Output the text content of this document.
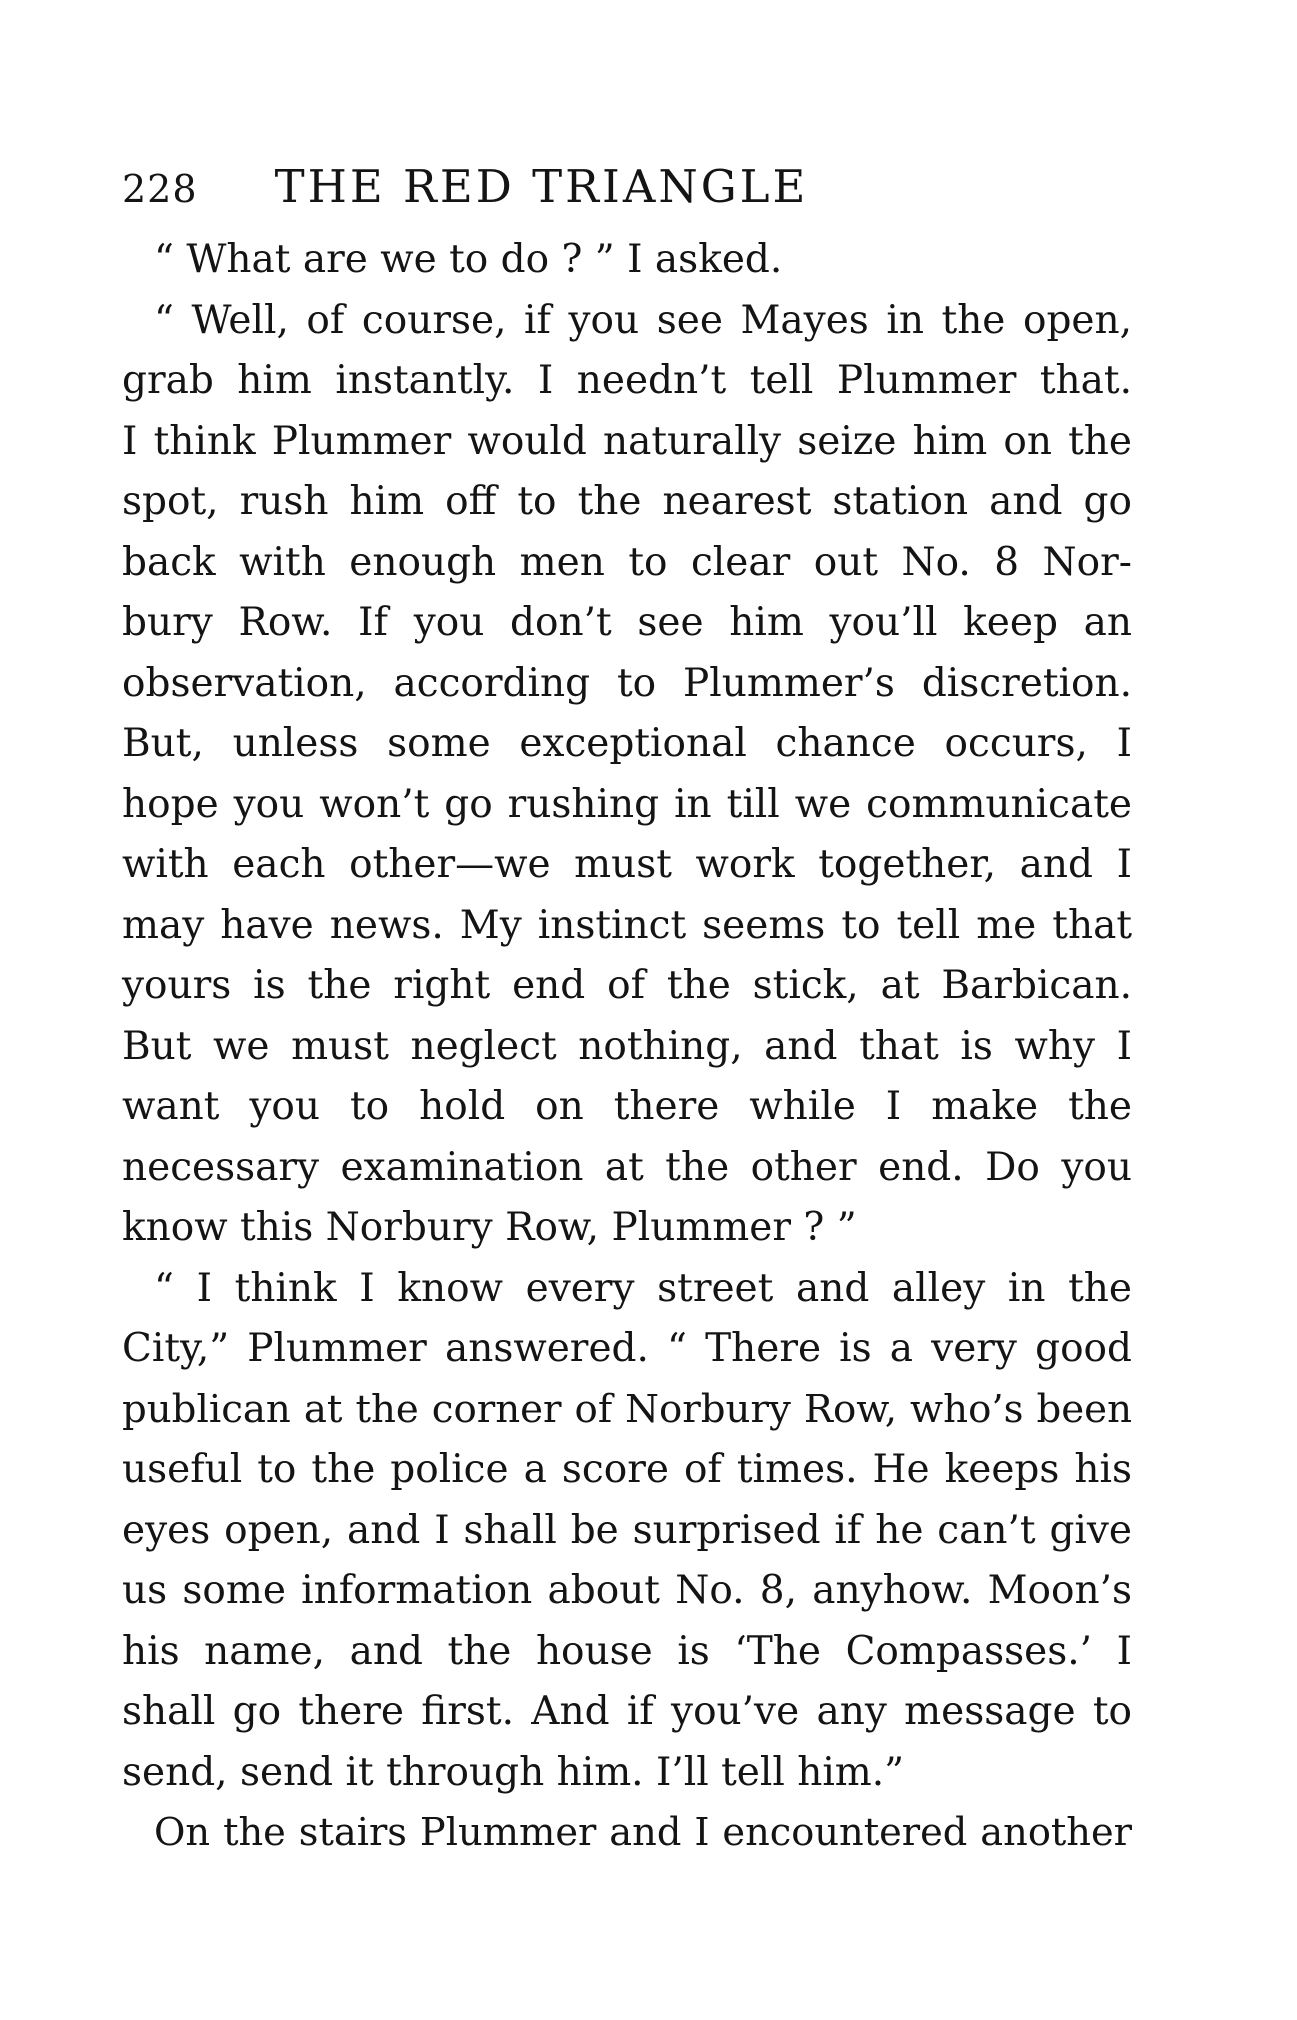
228 THE RED TRIANGLE
“ What are we to do ? ” I asked.
“ Well, of course, if you see Mayes in the open,
grab him instantly. I needn’t tell Plummer that.
I think Plummer would naturally seize him on the
spot, rush him off to the nearest station and go
back with enough men to clear out No. 8 Nor-
bury Row. If you don’t see him you’ll keep an
observation, according to Plummer’s discretion.
But, unless some exceptional chance occurs, I
hope you won’t go rushing in till we communicate
with each other—we must work together, and I
may have news. My instinct seems to tell me that
yours is the right end of the stick, at Barbican.
But we must neglect nothing, and that is why I
want you to hold on there while I make the
necessary examination at the other end. Do you
know this Norbury Row, Plummer ? ”
“ I think I know every street and alley in the
City,” Plummer answered. “ There is a very good
publican at the corner of Norbury Row, who’s been
useful to the police a score of times. He keeps his
eyes open, and I shall be surprised if he can’t give
us some information about No. 8, anyhow. Moon’s
his name, and the house is ‘The Compasses.’ I
shall go there first. And if you’ve any message to
send, send it through him. I’ll tell him.”
On the stairs Plummer and I encountered another
